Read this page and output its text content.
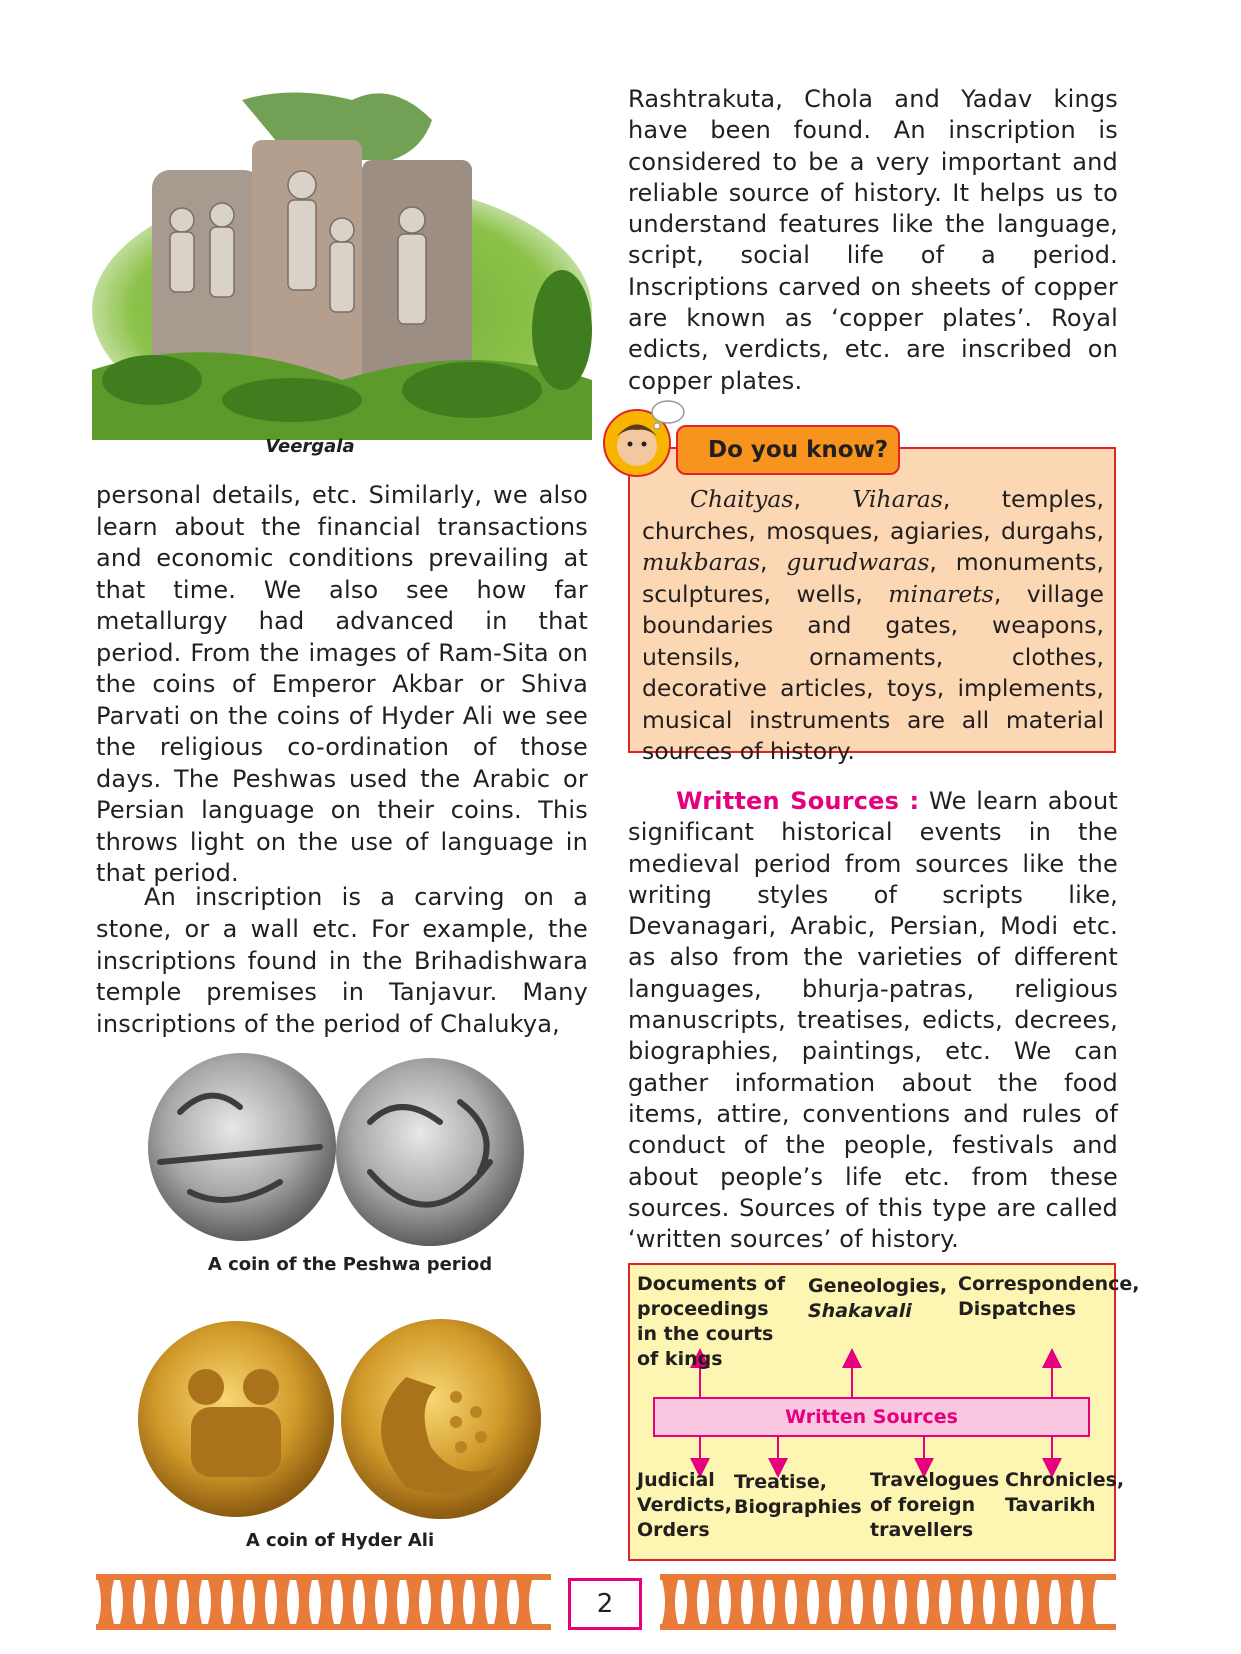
Veergala

Rashtrakuta, Chola and Yadav kings have been found. An inscription is considered to be a very important and reliable source of history. It helps us to understand features like the language, script, social life of a period. Inscriptions carved on sheets of copper are known as ‘copper plates’. Royal edicts, verdicts, etc. are inscribed on copper plates.

personal details, etc. Similarly, we also learn about the financial transactions and economic conditions prevailing at that time. We also see how far metallurgy had advanced in that period. From the images of Ram-Sita on the coins of Emperor Akbar or Shiva Parvati on the coins of Hyder Ali we see the religious co-ordination of those days. The Peshwas used the Arabic or Persian language on their coins. This throws light on the use of language in that period.

An inscription is a carving on a stone, or a wall etc. For example, the inscriptions found in the Brihadishwara temple premises in Tanjavur. Many inscriptions of the period of Chalukya,

A coin of the Peshwa period
A coin of Hyder Ali
Do you know?
Chaityas, Viharas, temples, churches, mosques, agiaries, durgahs, mukbaras, gurudwaras, monuments, sculptures, wells, minarets, village boundaries and gates, weapons, utensils, ornaments, clothes, decorative articles, toys, implements, musical instruments are all material sources of history.

Written Sources : We learn about significant historical events in the medieval period from sources like the writing styles of scripts like, Devanagari, Arabic, Persian, Modi etc. as also from the varieties of different languages, bhurja-patras, religious manuscripts, treatises, edicts, decrees, biographies, paintings, etc. We can gather information about the food items, attire, conventions and rules of conduct of the people, festivals and about people’s life etc. from these sources. Sources of this type are called ‘written sources’ of history.

Written Sources
Documents of proceedings in the courts of kings
Geneologies,
Shakavali
Correspondence, Dispatches
Judicial Verdicts, Orders
Treatise, Biographies
Travelogues of foreign travellers
Chronicles, Tavarikh
2
